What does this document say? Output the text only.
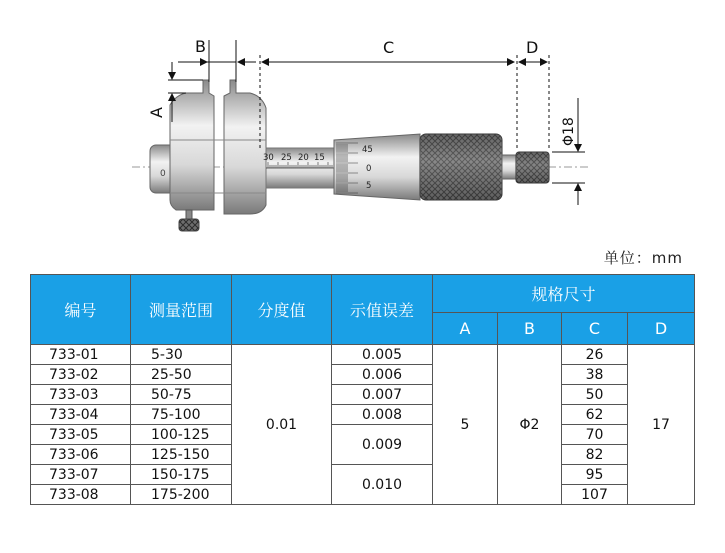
0
30 25 20 15
45
0
5
B	C	D
A
Φ18
单位：mm
编号	测量范围	分度值	示值误差	规格尺寸			
				A	B	C	D
733-01	5-30	0.01	0.005	5	Φ2	26	17
733-02	25-50		0.006			38	
733-03	50-75		0.007			50	
733-04	75-100		0.008			62	
733-05	100-125		0.009			70	
733-06	125-150					82	
733-07	150-175		0.010			95	
733-08	175-200					107	
